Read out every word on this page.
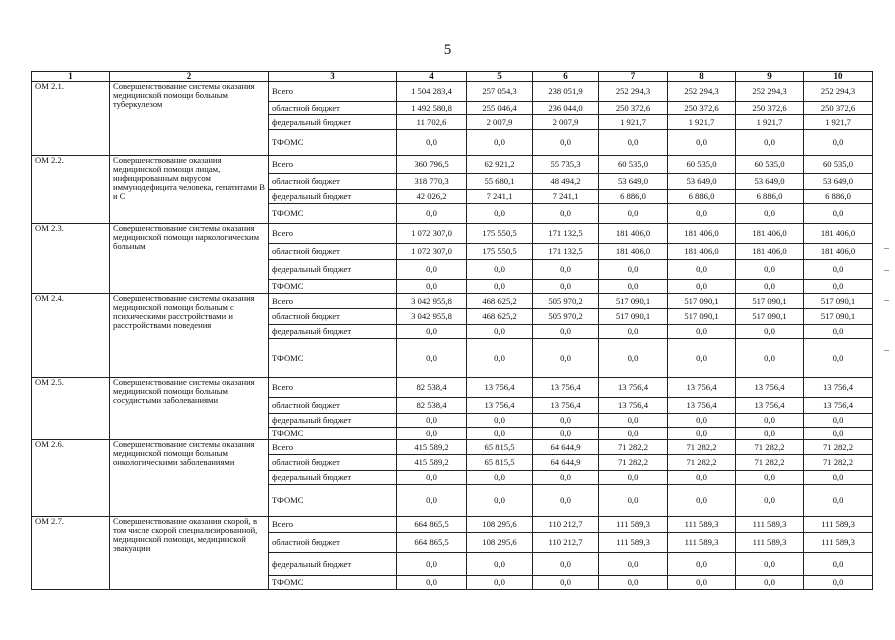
5
1	2	3	4	5	6	7	8	9	10
ОМ 2.1.	Совершенствование системы оказания медицинской помощи больным туберкулезом	Всего	1 504 283,4	257 054,3	238 051,9	252 294,3	252 294,3	252 294,3	252 294,3
		областной бюджет	1 492 580,8	255 046,4	236 044,0	250 372,6	250 372,6	250 372,6	250 372,6
		федеральный бюджет	11 702,6	2 007,9	2 007,9	1 921,7	1 921,7	1 921,7	1 921,7
		ТФОМС	0,0	0,0	0,0	0,0	0,0	0,0	0,0
ОМ 2.2.	Совершенствование оказания медицинской помощи лицам, инфицированным вирусом иммунодефицита человека, гепатитами В и С	Всего	360 796,5	62 921,2	55 735,3	60 535,0	60 535,0	60 535,0	60 535,0
		областной бюджет	318 770,3	55 680,1	48 494,2	53 649,0	53 649,0	53 649,0	53 649,0
		федеральный бюджет	42 026,2	7 241,1	7 241,1	6 886,0	6 886,0	6 886,0	6 886,0
		ТФОМС	0,0	0,0	0,0	0,0	0,0	0,0	0,0
ОМ 2.3.	Совершенствование системы оказания медицинской помощи наркологическим больным	Всего	1 072 307,0	175 550,5	171 132,5	181 406,0	181 406,0	181 406,0	181 406,0
		областной бюджет	1 072 307,0	175 550,5	171 132,5	181 406,0	181 406,0	181 406,0	181 406,0
		федеральный бюджет	0,0	0,0	0,0	0,0	0,0	0,0	0,0
		ТФОМС	0,0	0,0	0,0	0,0	0,0	0,0	0,0
ОМ 2.4.	Совершенствование системы оказания медицинской помощи больным с психическими расстройствами и расстройствами поведения	Всего	3 042 955,8	468 625,2	505 970,2	517 090,1	517 090,1	517 090,1	517 090,1
		областной бюджет	3 042 955,8	468 625,2	505 970,2	517 090,1	517 090,1	517 090,1	517 090,1
		федеральный бюджет	0,0	0,0	0,0	0,0	0,0	0,0	0,0
		ТФОМС	0,0	0,0	0,0	0,0	0,0	0,0	0,0
ОМ 2.5.	Совершенствование системы оказания медицинской помощи больным сосудистыми заболеваниями	Всего	82 538,4	13 756,4	13 756,4	13 756,4	13 756,4	13 756,4	13 756,4
		областной бюджет	82 538,4	13 756,4	13 756,4	13 756,4	13 756,4	13 756,4	13 756,4
		федеральный бюджет	0,0	0,0	0,0	0,0	0,0	0,0	0,0
		ТФОМС	0,0	0,0	0,0	0,0	0,0	0,0	0,0
ОМ 2.6.	Совершенствование системы оказания медицинской помощи больным онкологическими заболеваниями	Всего	415 589,2	65 815,5	64 644,9	71 282,2	71 282,2	71 282,2	71 282,2
		областной бюджет	415 589,2	65 815,5	64 644,9	71 282,2	71 282,2	71 282,2	71 282,2
		федеральный бюджет	0,0	0,0	0,0	0,0	0,0	0,0	0,0
		ТФОМС	0,0	0,0	0,0	0,0	0,0	0,0	0,0
ОМ 2.7.	Совершенствование оказания скорой, в том числе скорой специализированной, медицинской помощи, медицинской эвакуации	Всего	664 865,5	108 295,6	110 212,7	111 589,3	111 589,3	111 589,3	111 589,3
		областной бюджет	664 865,5	108 295,6	110 212,7	111 589,3	111 589,3	111 589,3	111 589,3
		федеральный бюджет	0,0	0,0	0,0	0,0	0,0	0,0	0,0
		ТФОМС	0,0	0,0	0,0	0,0	0,0	0,0	0,0
